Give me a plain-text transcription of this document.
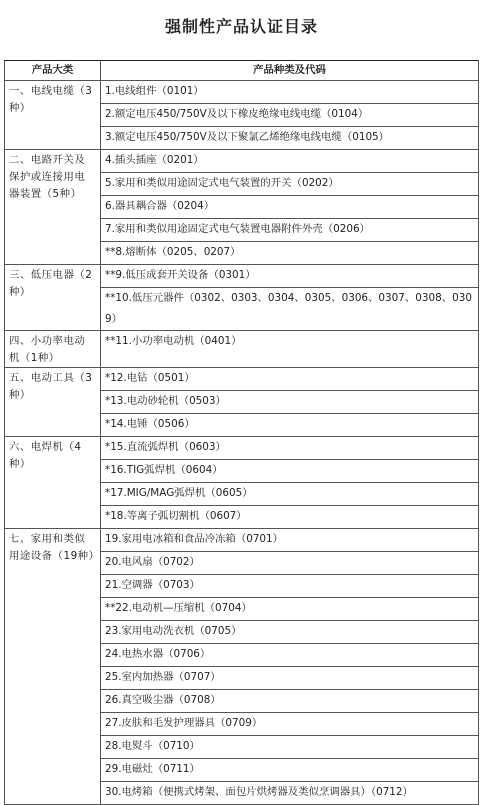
强制性产品认证目录
产品大类	产品种类及代码
一、电线电缆（3种）	1.电线组件（0101）
	2.额定电压450/750V及以下橡皮绝缘电线电缆（0104）
	3.额定电压450/750V及以下聚氯乙烯绝缘电线电缆（0105）
二、电路开关及保护或连接用电器装置（5种）	4.插头插座（0201）
	5.家用和类似用途固定式电气装置的开关（0202）
	6.器具耦合器（0204）
	7.家用和类似用途固定式电气装置电器附件外壳（0206）
	**8.熔断体（0205、0207）
三、低压电器（2种）	**9.低压成套开关设备（0301）
	**10.低压元器件（0302、0303、0304、0305、0306、0307、0308、0309）
四、小功率电动机（1种）	**11.小功率电动机（0401）
五、电动工具（3种）	*12.电钻（0501）
	*13.电动砂轮机（0503）
	*14.电锤（0506）
六、电焊机（4种）	*15.直流弧焊机（0603）
	*16.TIG弧焊机（0604）
	*17.MIG/MAG弧焊机（0605）
	*18.等离子弧切割机（0607）
七、家用和类似用途设备（19种）	19.家用电冰箱和食品冷冻箱（0701）
	20.电风扇（0702）
	21.空调器（0703）
	**22.电动机—压缩机（0704）
	23.家用电动洗衣机（0705）
	24.电热水器（0706）
	25.室内加热器（0707）
	26.真空吸尘器（0708）
	27.皮肤和毛发护理器具（0709）
	28.电熨斗（0710）
	29.电磁灶（0711）
	30.电烤箱（便携式烤架、面包片烘烤器及类似烹调器具）（0712）
